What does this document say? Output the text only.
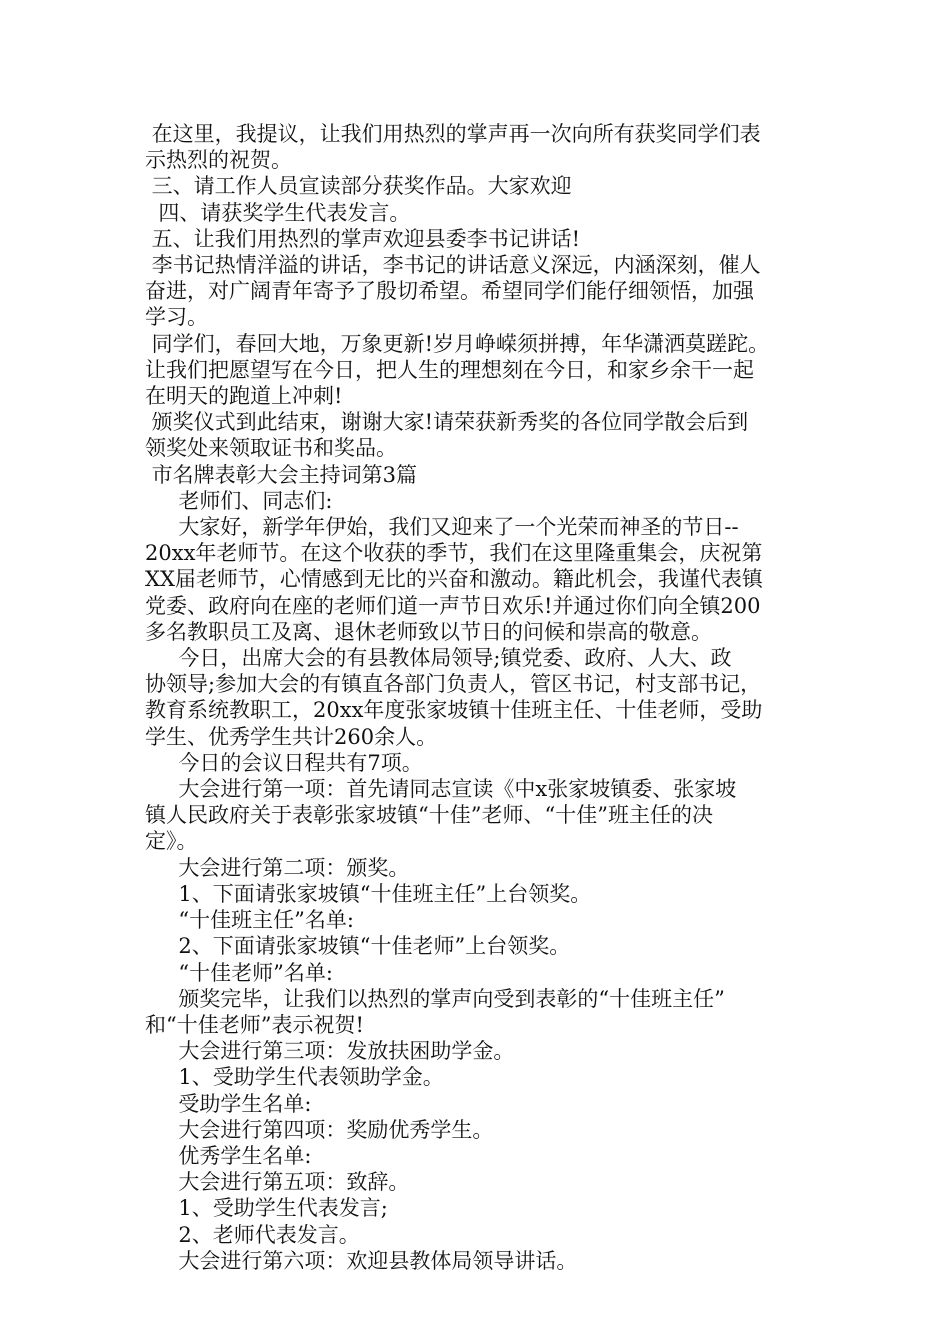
在这里，我提议，让我们用热烈的掌声再一次向所有获奖同学们表
示热烈的祝贺。
三、请工作人员宣读部分获奖作品。大家欢迎
四、请获奖学生代表发言。
五、让我们用热烈的掌声欢迎县委李书记讲话!
李书记热情洋溢的讲话，李书记的讲话意义深远，内涵深刻，催人
奋进，对广阔青年寄予了殷切希望。希望同学们能仔细领悟，加强
学习。
同学们，春回大地，万象更新!岁月峥嵘须拼搏，年华潇洒莫蹉跎。
让我们把愿望写在今日，把人生的理想刻在今日，和家乡余干一起
在明天的跑道上冲刺!
颁奖仪式到此结束，谢谢大家!请荣获新秀奖的各位同学散会后到
领奖处来领取证书和奖品。
市名牌表彰大会主持词第3篇
老师们、同志们:
大家好，新学年伊始，我们又迎来了一个光荣而神圣的节日--
20xx年老师节。在这个收获的季节，我们在这里隆重集会，庆祝第
XX届老师节，心情感到无比的兴奋和激动。籍此机会，我谨代表镇
党委、政府向在座的老师们道一声节日欢乐!并通过你们向全镇200
多名教职员工及离、退休老师致以节日的问候和崇高的敬意。
今日，出席大会的有县教体局领导;镇党委、政府、人大、政
协领导;参加大会的有镇直各部门负责人，管区书记，村支部书记，
教育系统教职工，20xx年度张家坡镇十佳班主任、十佳老师，受助
学生、优秀学生共计260余人。
今日的会议日程共有7项。
大会进行第一项：首先请同志宣读《中x张家坡镇委、张家坡
镇人民政府关于表彰张家坡镇“十佳”老师、“十佳”班主任的决
定》。
大会进行第二项：颁奖。
1、下面请张家坡镇“十佳班主任”上台领奖。
“十佳班主任”名单:
2、下面请张家坡镇“十佳老师”上台领奖。
“十佳老师”名单:
颁奖完毕，让我们以热烈的掌声向受到表彰的“十佳班主任”
和“十佳老师”表示祝贺!
大会进行第三项：发放扶困助学金。
1、受助学生代表领助学金。
受助学生名单:
大会进行第四项：奖励优秀学生。
优秀学生名单:
大会进行第五项：致辞。
1、受助学生代表发言;
2、老师代表发言。
大会进行第六项：欢迎县教体局领导讲话。
